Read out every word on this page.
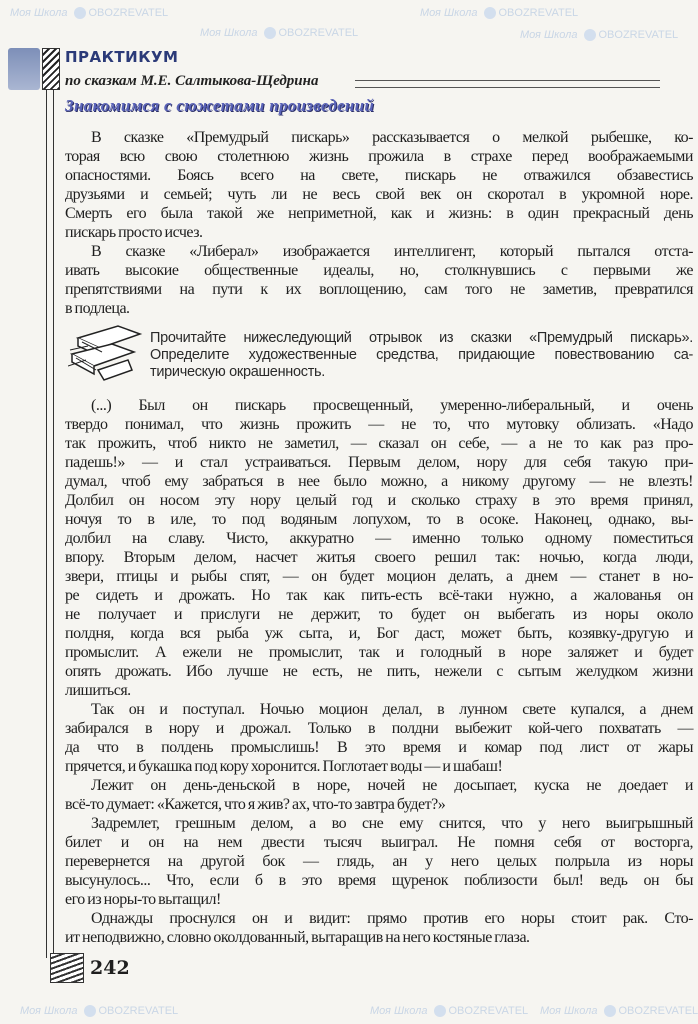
Моя Школа OBOZREVATEL
Моя Школа OBOZREVATEL
Моя Школа OBOZREVATEL
Моя Школа OBOZREVATEL
Моя Школа OBOZREVATEL	Моя Школа OBOZREVATEL Моя Школа OBOZREVATEL
ПРАКТИКУМ
по сказкам М.Е. Салтыкова-Щедрина
Знакомимся с сюжетами произведений
В сказке «Премудрый пискарь» рассказывается о мелкой рыбешке, ко-
торая всю свою столетнюю жизнь прожила в страхе перед воображаемыми
опасностями. Боясь всего на свете, пискарь не отважился обзавестись
друзьями и семьей; чуть ли не весь свой век он скоротал в укромной норе.
Смерть его была такой же неприметной, как и жизнь: в один прекрасный день
пискарь просто исчез.
В сказке «Либерал» изображается интеллигент, который пытался отста-
ивать высокие общественные идеалы, но, столкнувшись с первыми же
препятствиями на пути к их воплощению, сам того не заметив, превратился
в подлеца.
Прочитайте нижеследующий отрывок из сказки «Премудрый пискарь».
Определите художественные средства, придающие повествованию са-
тирическую окрашенность.
(...) Был он пискарь просвещенный, умеренно-либеральный, и очень
твердо понимал, что жизнь прожить — не то, что мутовку облизать. «Надо
так прожить, чтоб никто не заметил, — сказал он себе, — а не то как раз про-
падешь!» — и стал устраиваться. Первым делом, нору для себя такую при-
думал, чтоб ему забраться в нее было можно, а никому другому — не влезть!
Долбил он носом эту нору целый год и сколько страху в это время принял,
ночуя то в иле, то под водяным лопухом, то в осоке. Наконец, однако, вы-
долбил на славу. Чисто, аккуратно — именно только одному поместиться
впору. Вторым делом, насчет житья своего решил так: ночью, когда люди,
звери, птицы и рыбы спят, — он будет моцион делать, а днем — станет в но-
ре сидеть и дрожать. Но так как пить-есть всё-таки нужно, а жалованья он
не получает и прислуги не держит, то будет он выбегать из норы около
полдня, когда вся рыба уж сыта, и, Бог даст, может быть, козявку-другую и
промыслит. А ежели не промыслит, так и голодный в норе заляжет и будет
опять дрожать. Ибо лучше не есть, не пить, нежели с сытым желудком жизни
лишиться.
Так он и поступал. Ночью моцион делал, в лунном свете купался, а днем
забирался в нору и дрожал. Только в полдни выбежит кой-чего похватать —
да что в полдень промыслишь! В это время и комар под лист от жары
прячется, и букашка под кору хоронится. Поглотает воды — и шабаш!
Лежит он день-деньской в норе, ночей не досыпает, куска не доедает и
всё-то думает: «Кажется, что я жив? ах, что-то завтра будет?»
Задремлет, грешным делом, а во сне ему снится, что у него выигрышный
билет и он на нем двести тысяч выиграл. Не помня себя от восторга,
перевернется на другой бок — глядь, ан у него целых полрыла из норы
высунулось... Что, если б в это время щуренок поблизости был! ведь он бы
его из норы-то вытащил!
Однажды проснулся он и видит: прямо против его норы стоит рак. Сто-
ит неподвижно, словно околдованный, вытаращив на него костяные глаза.
242
